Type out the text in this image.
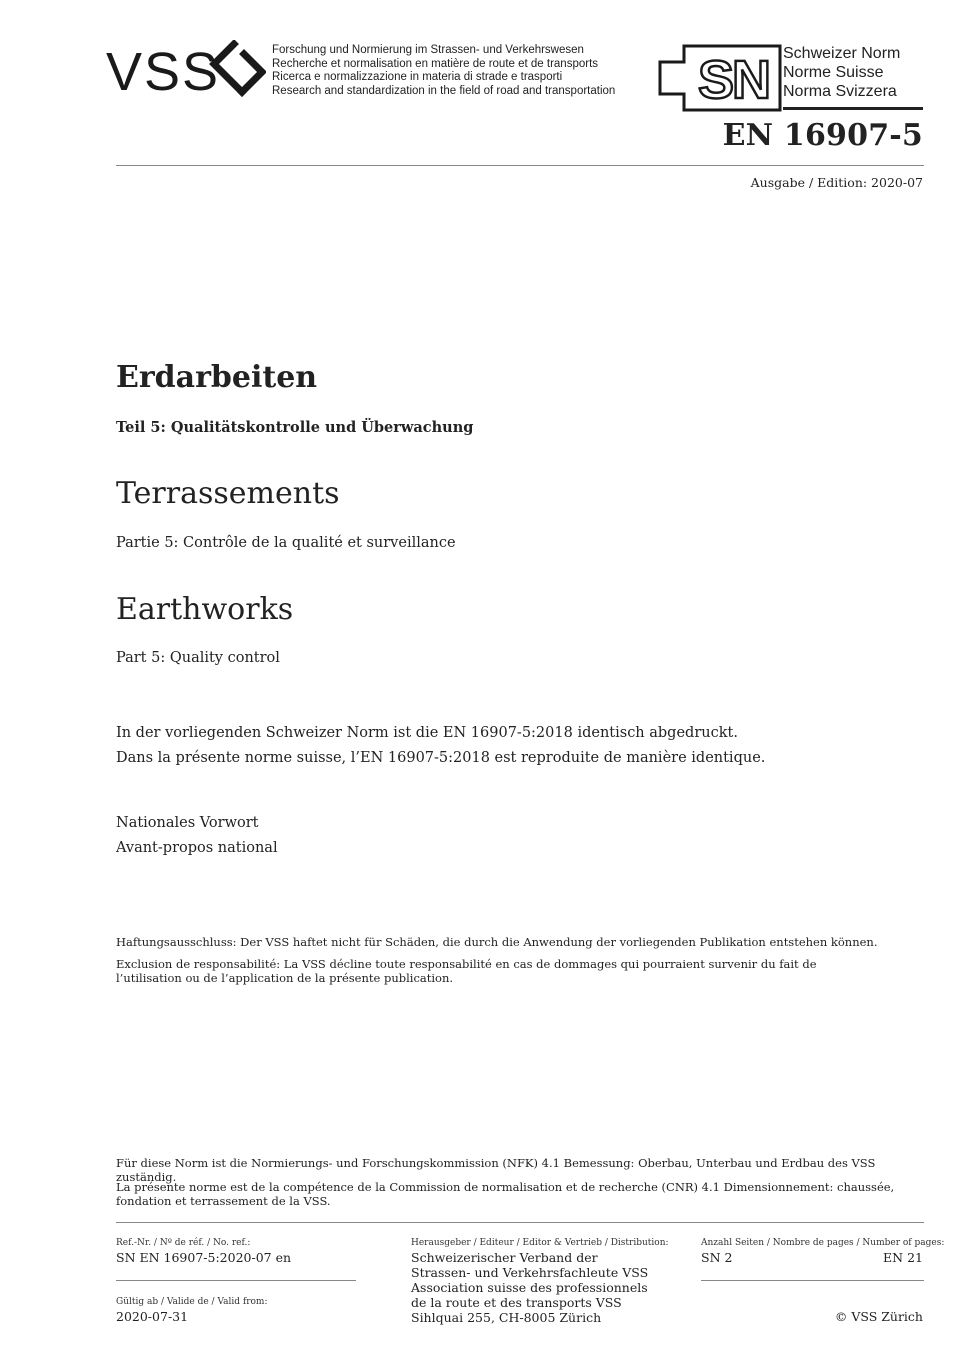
VSS	Forschung und Normierung im Strassen- und Verkehrswesen
Recherche et normalisation en matière de route et de transports
Ricerca e normalizzazione in materia di strade e trasporti
Research and standardization in the field of road and transportation SN Schweizer Norm
Norme Suisse
Norma Svizzera
EN 16907-5
Ausgabe / Edition: 2020-07
Erdarbeiten
Teil 5: Qualitätskontrolle und Überwachung
Terrassements
Partie 5: Contrôle de la qualité et surveillance
Earthworks
Part 5: Quality control
In der vorliegenden Schweizer Norm ist die EN 16907-5:2018 identisch abgedruckt.
Dans la présente norme suisse, l’EN 16907-5:2018 est reproduite de manière identique.
Nationales Vorwort
Avant-propos national
Haftungsausschluss: Der VSS haftet nicht für Schäden, die durch die Anwendung der vorliegenden Publikation entstehen können.
Exclusion de responsabilité: La VSS décline toute responsabilité en cas de dommages qui pourraient survenir du fait de l’utilisation ou de l’application de la présente publication.
Für diese Norm ist die Normierungs- und Forschungskommission (NFK) 4.1 Bemessung: Oberbau, Unterbau und Erdbau des VSS zuständig.
La présente norme est de la compétence de la Commission de normalisation et de recherche (CNR) 4.1 Dimensionnement: chaussée, fondation et terrassement de la VSS.
Ref.-Nr. / Nº de réf. / No. ref.:
SN EN 16907-5:2020-07 en
Gültig ab / Valide de / Valid from:
2020-07-31
Herausgeber / Editeur / Editor & Vertrieb / Distribution:
Schweizerischer Verband der
Strassen- und Verkehrsfachleute VSS
Association suisse des professionnels
de la route et des transports VSS
Sihlquai 255, CH-8005 Zürich
Anzahl Seiten / Nombre de pages / Number of pages:
SN 2	EN 21
© VSS Zürich
